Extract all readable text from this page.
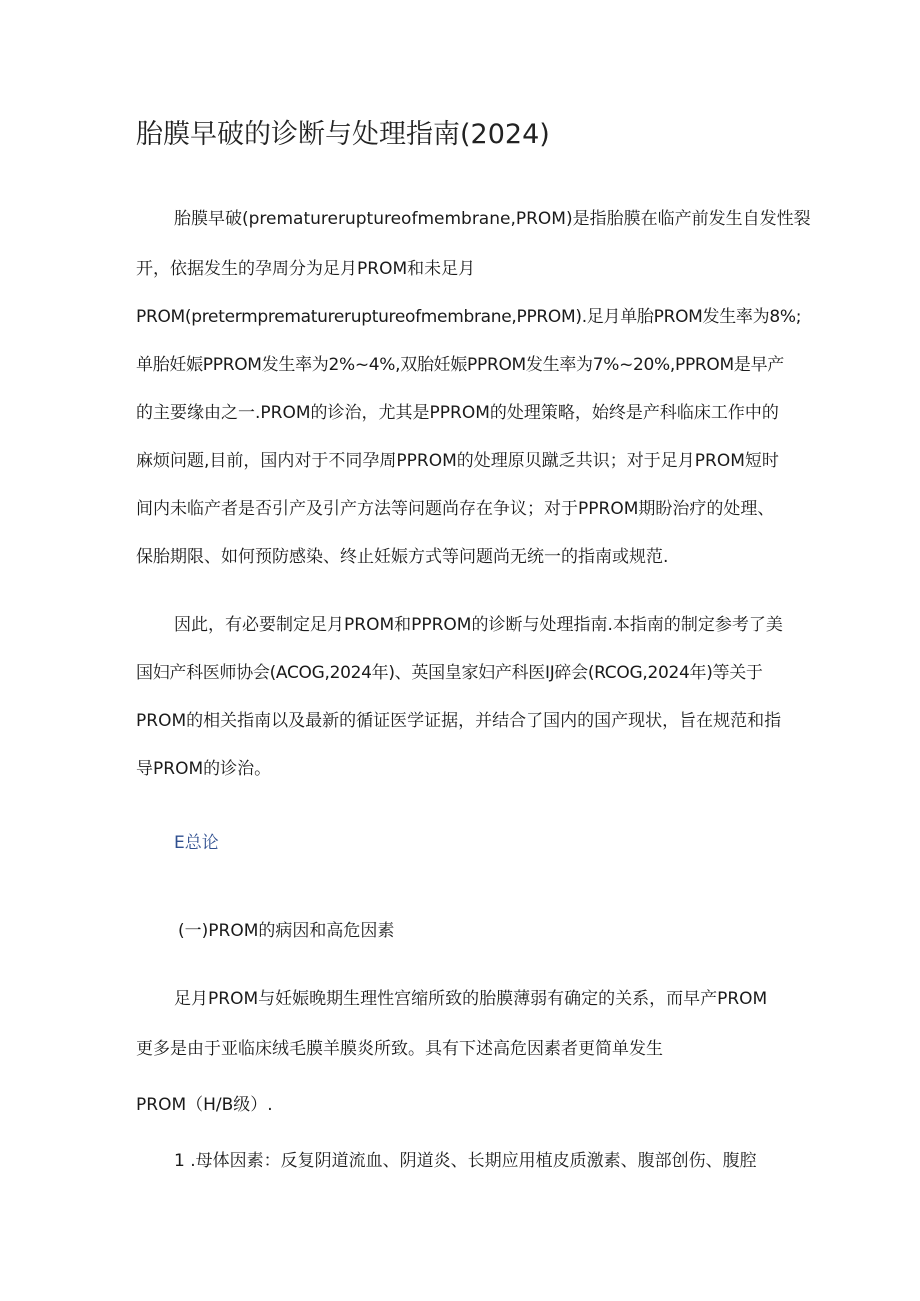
胎膜早破的诊断与处理指南(2024)
胎膜早破(prematureruptureofmembrane,PROM)是指胎膜在临产前发生自发性裂
开，依据发生的孕周分为足月PROM和未足月
PROM(pretermprematureruptureofmembrane,PPROM).足月单胎PROM发生率为8%;
单胎妊娠PPROM发生率为2%~4%,双胎妊娠PPROM发生率为7%~20%,PPROM是早产
的主要缘由之一.PROM的诊治，尤其是PPROM的处理策略，始终是产科临床工作中的
麻烦问题,目前，国内对于不同孕周PPROM的处理原贝蹴乏共识；对于足月PROM短时
间内未临产者是否引产及引产方法等问题尚存在争议；对于PPROM期盼治疗的处理、
保胎期限、如何预防感染、终止妊娠方式等问题尚无统一的指南或规范.
因此，有必要制定足月PROM和PPROM的诊断与处理指南.本指南的制定参考了美
国妇产科医师协会(ACOG,2024年)、英国皇家妇产科医IJ碎会(RCOG,2024年)等关于
PROM的相关指南以及最新的循证医学证据，并结合了国内的国产现状，旨在规范和指
导PROM的诊治。
E总论
(一)PROM的病因和高危因素
足月PROM与妊娠晚期生理性宫缩所致的胎膜薄弱有确定的关系，而早产PROM
更多是由于亚临床绒毛膜羊膜炎所致。具有下述高危因素者更简单发生
PROM（H/B级）.
1 .母体因素：反复阴道流血、阴道炎、长期应用植皮质激素、腹部创伤、腹腔
